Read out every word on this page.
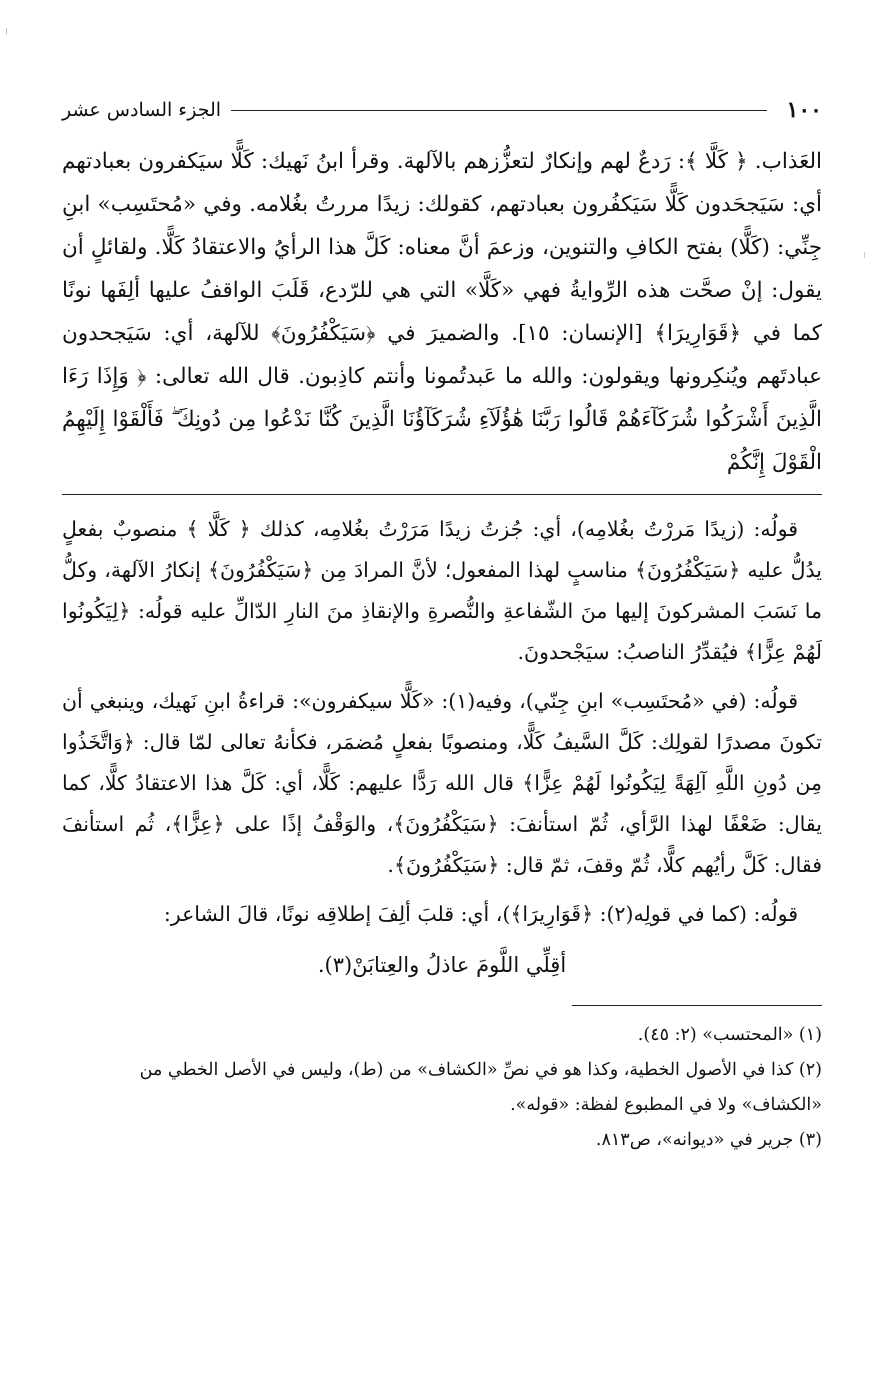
١٠٠
الجزء السادس عشر

العَذاب. ﴿ كَلَّا ﴾: رَدعٌ لهم وإنكارٌ لتعزُّزهم بالآلهة. وقرأ ابنُ نَهيك: كَلًّا سيَكفرون بعبادتهم أي: سَيَجحَدون كَلًّا سَيَكفُرون بعبادتهم، كقولك: زيدًا مررتُ بغُلامه. وفي «مُحتَسِب» ابنِ جِنِّي: (كَلًّا) بفتح الكافِ والتنوين، وزعمَ أنَّ معناه: كَلَّ هذا الرأيُ والاعتقادُ كَلًّا. ولقائلٍ أن يقول: إنْ صحَّت هذه الرِّوايةُ فهي «كَلَّا» التي هي للرّدع، قَلَبَ الواقفُ عليها ألِفَها نونًا كما في ﴿قَوَارِيرَا﴾ [الإنسان: ١٥]. والضميرَ في ﴿سَيَكْفُرُونَ﴾ للآلهة، أي: سَيَجحدون عبادتَهم ويُنكِرونها ويقولون: والله ما عَبدتُمونا وأنتم كاذِبون. قال الله تعالى: ﴿ وَإِذَا رَءَا الَّذِينَ أَشْرَكُوا شُرَكَآءَهُمْ قَالُوا رَبَّنَا هَٰؤُلَآءِ شُرَكَآؤُنَا الَّذِينَ كُنَّا نَدْعُوا مِن دُونِكَ ۖ فَأَلْقَوْا إِلَيْهِمُ الْقَوْلَ إِنَّكُمْ

قولُه: (زيدًا مَررْتُ بغُلامِه)، أي: جُزتُ زيدًا مَرَرْتُ بغُلامِه، كذلك ﴿ كَلَّا ﴾ منصوبٌ بفعلٍ يدُلُّ عليه ﴿سَيَكْفُرُونَ﴾ مناسبٍ لهذا المفعول؛ لأنَّ المرادَ مِن ﴿سَيَكْفُرُونَ﴾ إنكارُ الآلهة، وكلُّ ما نَسَبَ المشركونَ إليها منَ الشّفاعةِ والنُّصرةِ والإنقاذِ منَ النارِ الدّالِّ عليه قولُه: ﴿لِيَكُونُوا لَهُمْ عِزًّا﴾ فيُقدِّرُ الناصبُ: سيَجْحدونَ.

قولُه: (في «مُحتَسِب» ابنِ جِنّي)، وفيه(١): «كَلًّا سيكفرون»: قراءةُ ابنِ نَهيك، وينبغي أن تكونَ مصدرًا لقولِك: كَلَّ السَّيفُ كَلًّا، ومنصوبًا بفعلٍ مُضمَر، فكأنهُ تعالى لمّا قال: ﴿وَاتَّخَذُوا مِن دُونِ اللَّهِ آلِهَةً لِيَكُونُوا لَهُمْ عِزًّا﴾ قال الله رَدًّا عليهم: كَلًّا، أي: كَلَّ هذا الاعتقادُ كلًّا، كما يقال: ضَعْفًا لهذا الرَّأي، ثُمّ استأنفَ: ﴿سَيَكْفُرُونَ﴾، والوَقْفُ إذًا على ﴿عِزًّا﴾، ثُم استأنفَ فقال: كَلَّ رأيُهم كلًّا، ثُمّ وقفَ، ثمّ قال: ﴿سَيَكْفُرُونَ﴾.

قولُه: (كما في قولِه(٢): ﴿قَوَارِيرَا﴾)، أي: قلبَ ألِفَ إطلاقِه نونًا، قالَ الشاعر:

أقِلِّي اللَّومَ عاذلُ والعِتابَنْ(٣).

(١) «المحتسب» (٢: ٤٥).

(٢) كذا في الأصول الخطية، وكذا هو في نصِّ «الكشاف» من (ط)، وليس في الأصل الخطي من «الكشاف» ولا في المطبوع لفظة: «قوله».

(٣) جرير في «ديوانه»، ص٨١٣.
